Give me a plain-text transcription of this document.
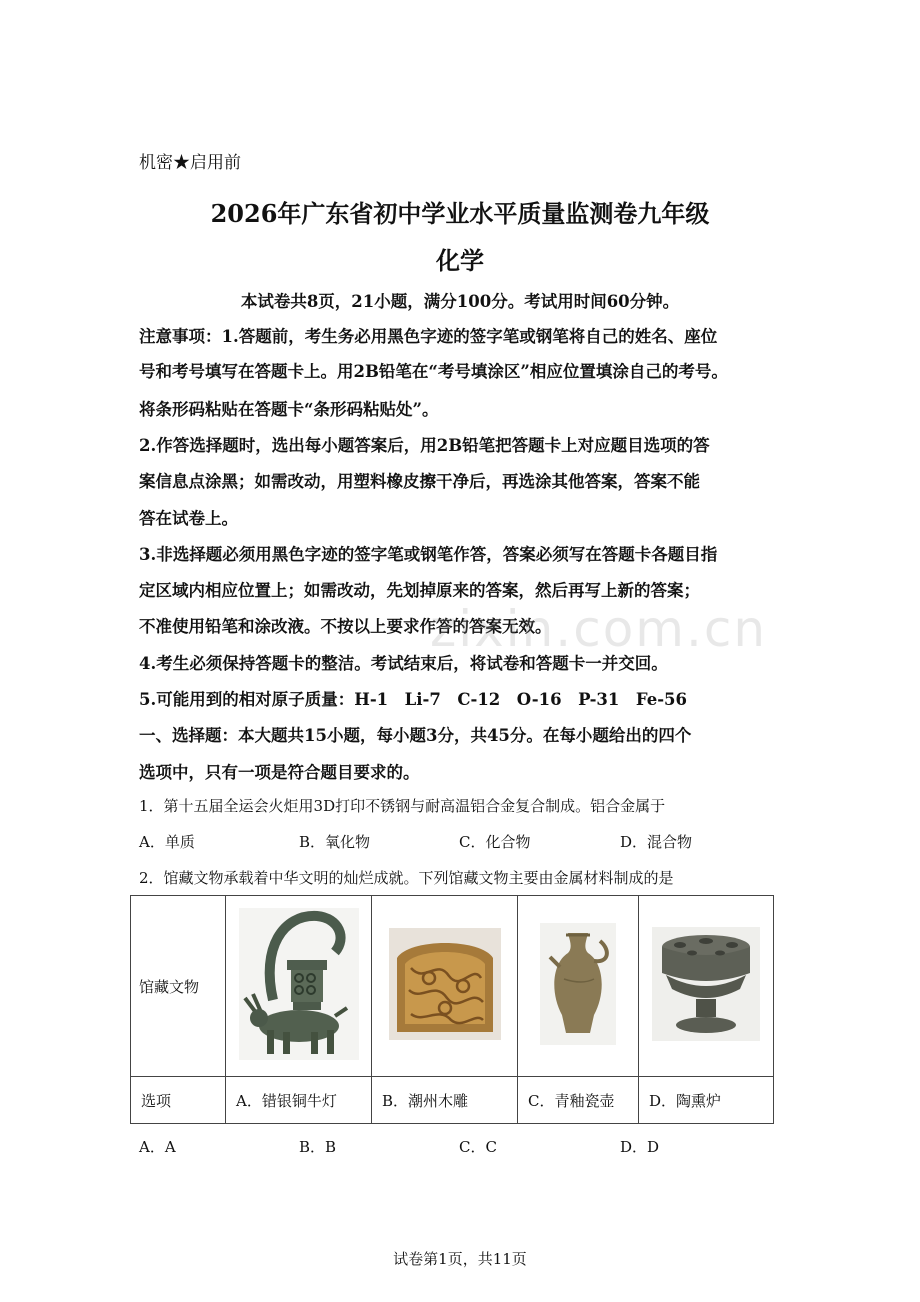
机密★启用前
2026年广东省初中学业水平质量监测卷九年级
化学
本试卷共8页，21小题，满分100分。考试用时间60分钟。
注意事项：1.答题前，考生务必用黑色字迹的签字笔或钢笔将自己的姓名、座位
号和考号填写在答题卡上。用2B铅笔在“考号填涂区”相应位置填涂自己的考号。
将条形码粘贴在答题卡“条形码粘贴处”。
2.作答选择题时，选出每小题答案后，用2B铅笔把答题卡上对应题目选项的答
案信息点涂黑；如需改动，用塑料橡皮擦干净后，再选涂其他答案，答案不能
答在试卷上。
3.非选择题必须用黑色字迹的签字笔或钢笔作答，答案必须写在答题卡各题目指
定区域内相应位置上；如需改动，先划掉原来的答案，然后再写上新的答案；
不准使用铅笔和涂改液。不按以上要求作答的答案无效。
4.考生必须保持答题卡的整洁。考试结束后，将试卷和答题卡一并交回。
5.可能用到的相对原子质量：H-1　Li-7　C-12　O-16　P-31　Fe-56
zixin.com.cn
一、选择题：本大题共15小题，每小题3分，共45分。在每小题给出的四个
选项中，只有一项是符合题目要求的。
1．第十五届全运会火炬用3D打印不锈钢与耐高温铝合金复合制成。铝合金属于
A．单质	B．氧化物	C．化合物	D．混合物
2．馆藏文物承载着中华文明的灿烂成就。下列馆藏文物主要由金属材料制成的是
馆藏文物				
选项	A．错银铜牛灯	B．潮州木雕	C．青釉瓷壶	D．陶熏炉
A．A	B．B	C．C	D．D
试卷第1页，共11页
